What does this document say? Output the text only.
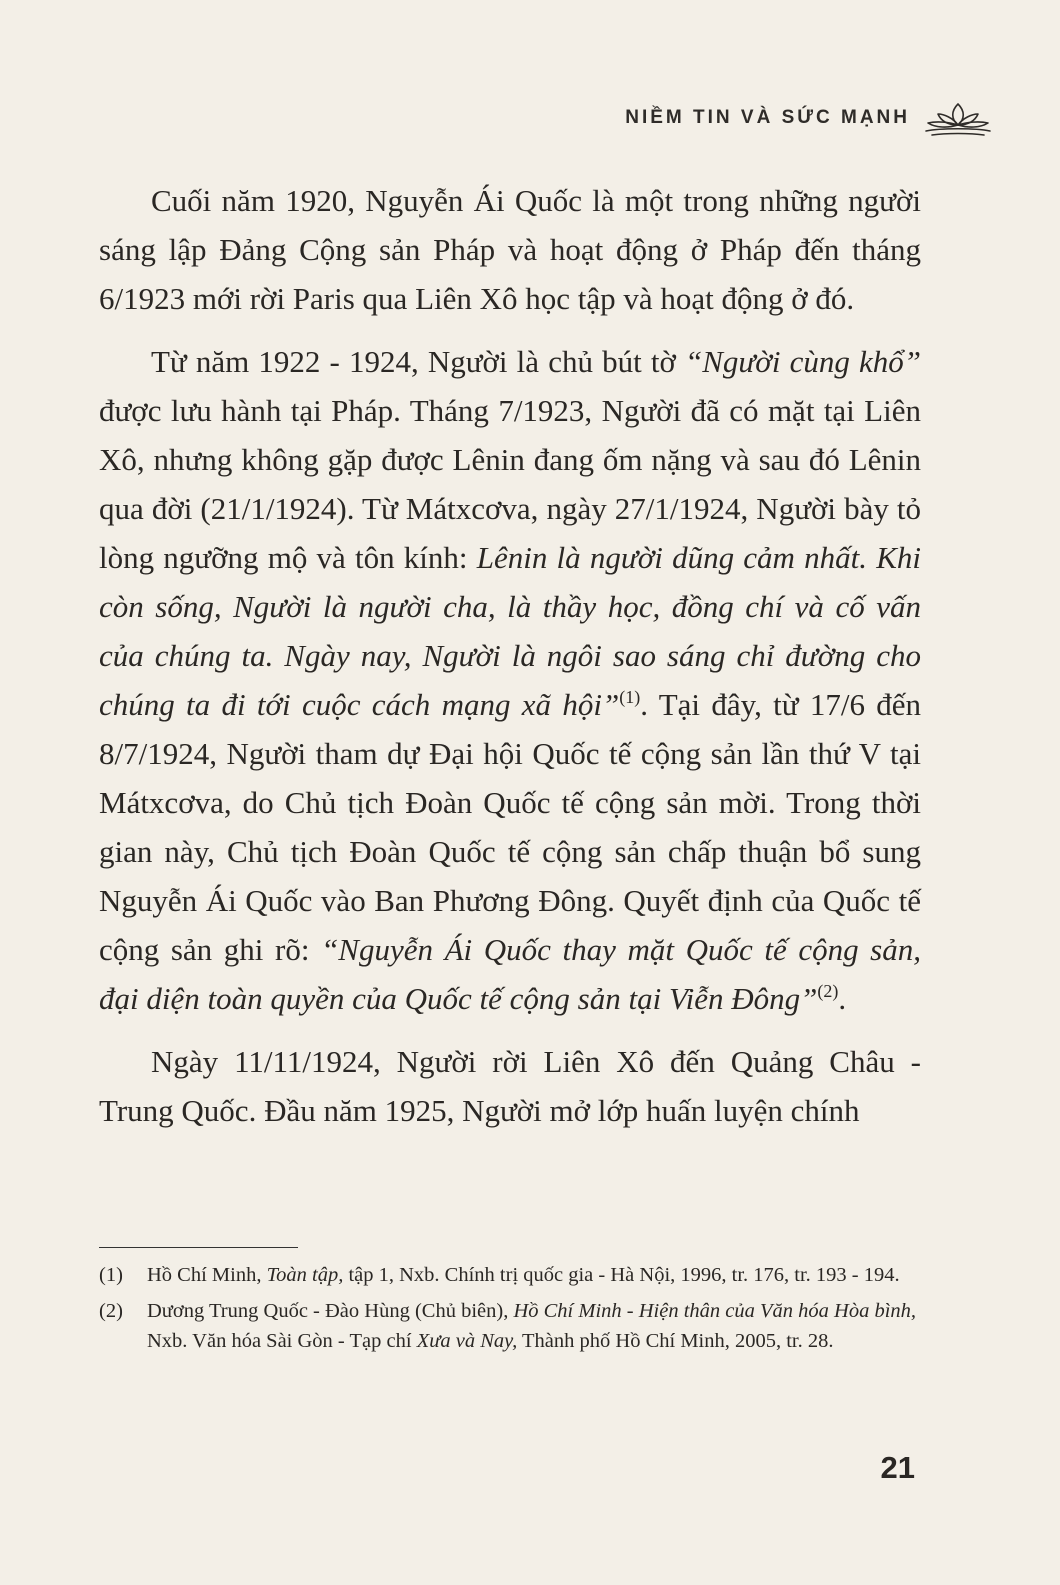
NIỀM TIN VÀ SỨC MẠNH

Cuối năm 1920, Nguyễn Ái Quốc là một trong những người sáng lập Đảng Cộng sản Pháp và hoạt động ở Pháp đến tháng 6/1923 mới rời Paris qua Liên Xô học tập và hoạt động ở đó.

Từ năm 1922 - 1924, Người là chủ bút tờ “Người cùng khổ” được lưu hành tại Pháp. Tháng 7/1923, Người đã có mặt tại Liên Xô, nhưng không gặp được Lênin đang ốm nặng và sau đó Lênin qua đời (21/1/1924). Từ Mátxcơva, ngày 27/1/1924, Người bày tỏ lòng ngưỡng mộ và tôn kính: Lênin là người dũng cảm nhất. Khi còn sống, Người là người cha, là thầy học, đồng chí và cố vấn của chúng ta. Ngày nay, Người là ngôi sao sáng chỉ đường cho chúng ta đi tới cuộc cách mạng xã hội”$^{(1)}$. Tại đây, từ 17/6 đến 8/7/1924, Người tham dự Đại hội Quốc tế cộng sản lần thứ V tại Mátxcơva, do Chủ tịch Đoàn Quốc tế cộng sản mời. Trong thời gian này, Chủ tịch Đoàn Quốc tế cộng sản chấp thuận bổ sung Nguyễn Ái Quốc vào Ban Phương Đông. Quyết định của Quốc tế cộng sản ghi rõ: “Nguyễn Ái Quốc thay mặt Quốc tế cộng sản, đại diện toàn quyền của Quốc tế cộng sản tại Viễn Đông”$^{(2)}$.

Ngày 11/11/1924, Người rời Liên Xô đến Quảng Châu - Trung Quốc. Đầu năm 1925, Người mở lớp huấn luyện chính

(1)	Hồ Chí Minh, Toàn tập, tập 1, Nxb. Chính trị quốc gia - Hà Nội, 1996, tr. 176, tr. 193 - 194.
(2)	Dương Trung Quốc - Đào Hùng (Chủ biên), Hồ Chí Minh - Hiện thân của Văn hóa Hòa bình, Nxb. Văn hóa Sài Gòn - Tạp chí Xưa và Nay, Thành phố Hồ Chí Minh, 2005, tr. 28.
21
